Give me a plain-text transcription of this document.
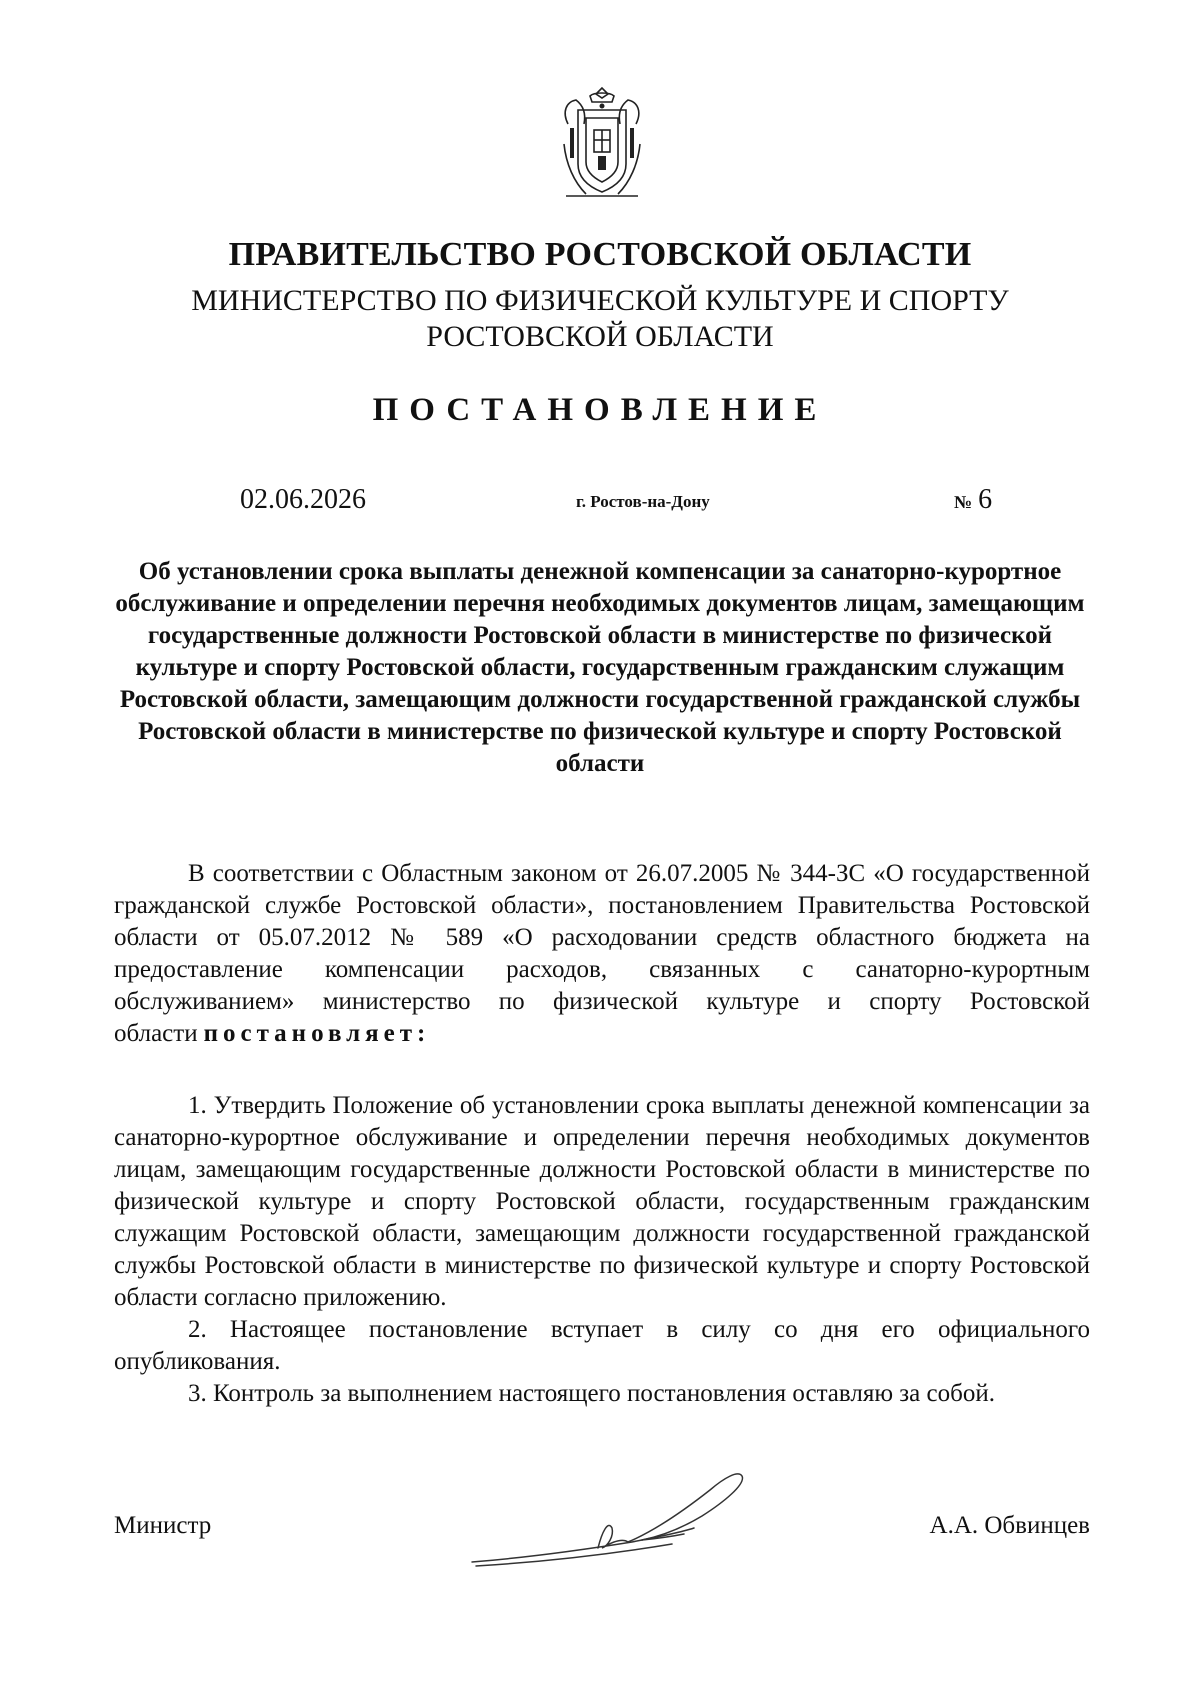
ПРАВИТЕЛЬСТВО РОСТОВСКОЙ ОБЛАСТИ
МИНИСТЕРСТВО ПО ФИЗИЧЕСКОЙ КУЛЬТУРЕ И СПОРТУ
РОСТОВСКОЙ ОБЛАСТИ
ПОСТАНОВЛЕНИЕ
02.06.2026	г. Ростов-на-Дону	№ 6
Об установлении срока выплаты денежной компенсации за санаторно-курортное обслуживание и определении перечня необходимых документов лицам, замещающим государственные должности Ростовской области в министерстве по физической культуре и спорту Ростовской области, государственным гражданским служащим Ростовской области, замещающим должности государственной гражданской службы Ростовской области в министерстве по физической культуре и спорту Ростовской области

В соответствии с Областным законом от 26.07.2005 № 344-ЗС «О государственной гражданской службе Ростовской области», постановлением Правительства Ростовской области от 05.07.2012 № 589 «О расходовании средств областного бюджета на предоставление компенсации расходов, связанных с санаторно-курортным обслуживанием» министерство по физической культуре и спорту Ростовской области постановляет:

1. Утвердить Положение об установлении срока выплаты денежной компенсации за санаторно-курортное обслуживание и определении перечня необходимых документов лицам, замещающим государственные должности Ростовской области в министерстве по физической культуре и спорту Ростовской области, государственным гражданским служащим Ростовской области, замещающим должности государственной гражданской службы Ростовской области в министерстве по физической культуре и спорту Ростовской области согласно приложению.

2. Настоящее постановление вступает в силу со дня его официального опубликования.

3. Контроль за выполнением настоящего постановления оставляю за собой.

Министр	А.А. Обвинцев
